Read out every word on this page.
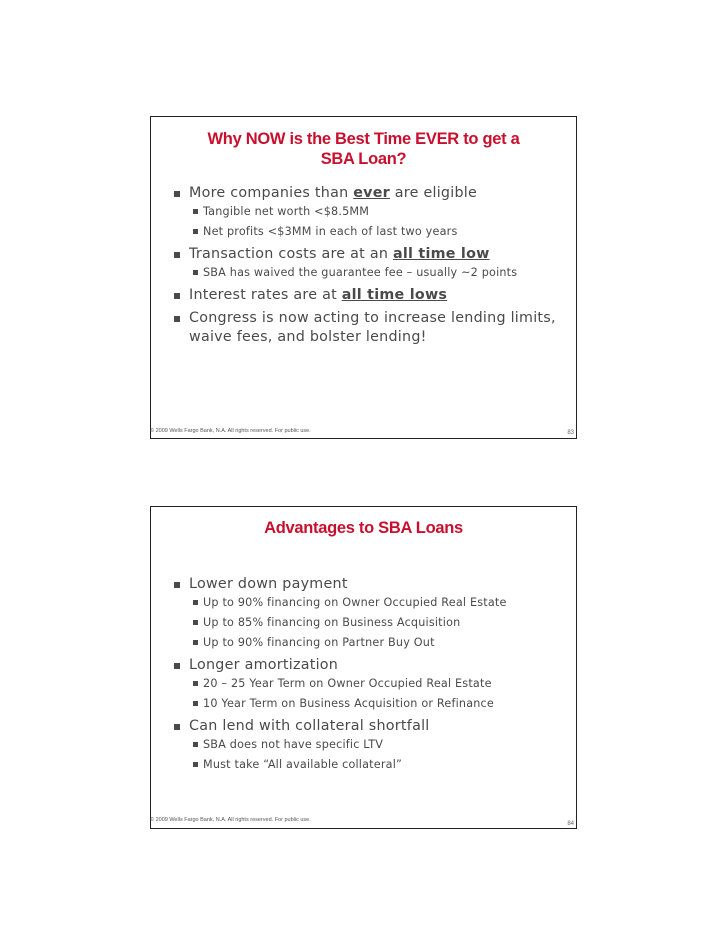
Why NOW is the Best Time EVER to get a
SBA Loan?
More companies than ever are eligible
Tangible net worth <$8.5MM
Net profits <$3MM in each of last two years
Transaction costs are at an all time low
SBA has waived the guarantee fee – usually ~2 points
Interest rates are at all time lows
Congress is now acting to increase lending limits,
waive fees, and bolster lending!
© 2009 Wells Fargo Bank, N.A. All rights reserved. For public use.	83
Advantages to SBA Loans
Lower down payment
Up to 90% financing on Owner Occupied Real Estate
Up to 85% financing on Business Acquisition
Up to 90% financing on Partner Buy Out
Longer amortization
20 – 25 Year Term on Owner Occupied Real Estate
10 Year Term on Business Acquisition or Refinance
Can lend with collateral shortfall
SBA does not have specific LTV
Must take “All available collateral”
© 2009 Wells Fargo Bank, N.A. All rights reserved. For public use.
84
